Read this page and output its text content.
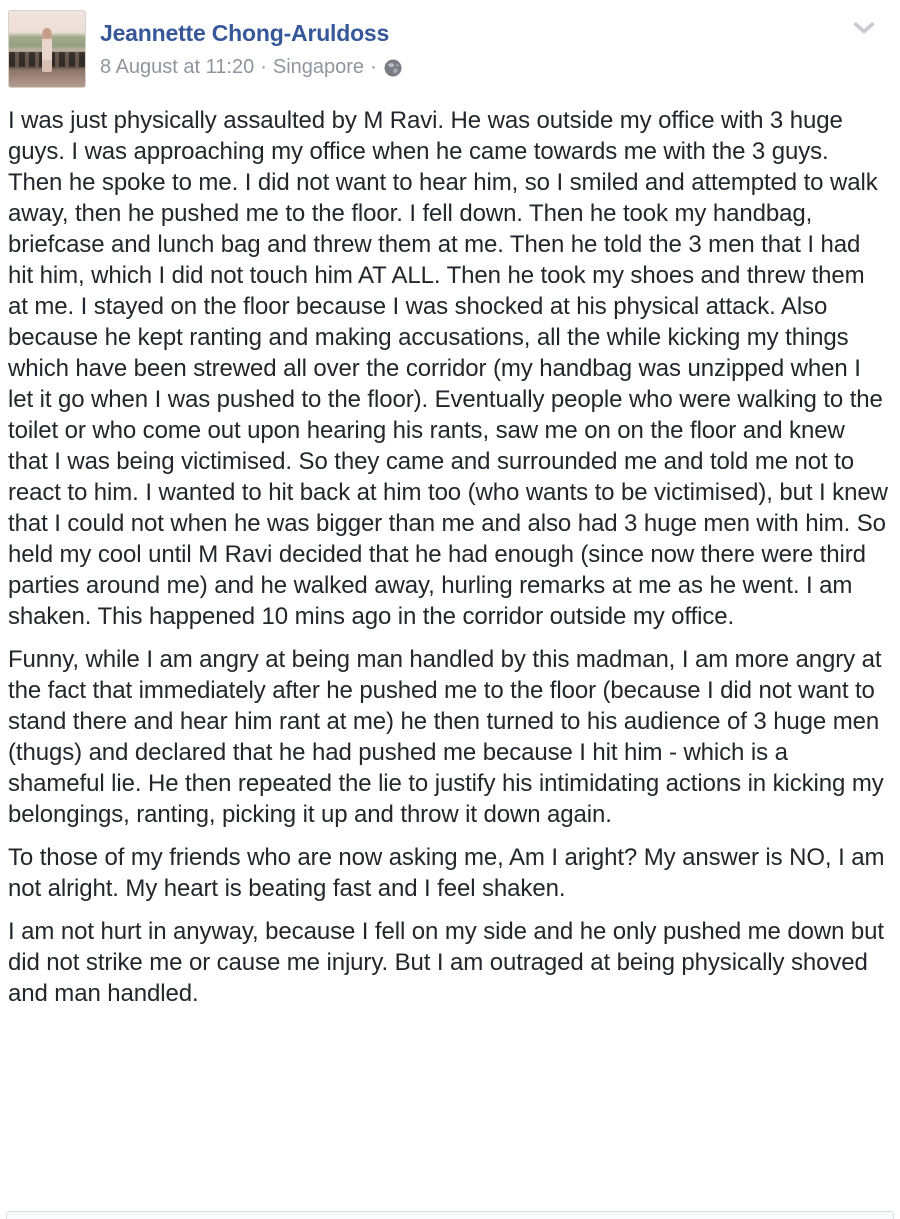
Jeannette Chong-Aruldoss
8 August at 11:20 · Singapore ·

I was just physically assaulted by M Ravi. He was outside my office with 3 huge guys. I was approaching my office when he came towards me with the 3 guys. Then he spoke to me. I did not want to hear him, so I smiled and attempted to walk away, then he pushed me to the floor. I fell down. Then he took my handbag, briefcase and lunch bag and threw them at me. Then he told the 3 men that I had hit him, which I did not touch him AT ALL. Then he took my shoes and threw them at me. I stayed on the floor because I was shocked at his physical attack. Also because he kept ranting and making accusations, all the while kicking my things which have been strewed all over the corridor (my handbag was unzipped when I let it go when I was pushed to the floor). Eventually people who were walking to the toilet or who come out upon hearing his rants, saw me on on the floor and knew that I was being victimised. So they came and surrounded me and told me not to react to him. I wanted to hit back at him too (who wants to be victimised), but I knew that I could not when he was bigger than me and also had 3 huge men with him. So held my cool until M Ravi decided that he had enough (since now there were third parties around me) and he walked away, hurling remarks at me as he went. I am shaken. This happened 10 mins ago in the corridor outside my office.

Funny, while I am angry at being man handled by this madman, I am more angry at the fact that immediately after he pushed me to the floor (because I did not want to stand there and hear him rant at me) he then turned to his audience of 3 huge men (thugs) and declared that he had pushed me because I hit him - which is a shameful lie. He then repeated the lie to justify his intimidating actions in kicking my belongings, ranting, picking it up and throw it down again.

To those of my friends who are now asking me, Am I aright? My answer is NO, I am not alright. My heart is beating fast and I feel shaken.

I am not hurt in anyway, because I fell on my side and he only pushed me down but did not strike me or cause me injury. But I am outraged at being physically shoved and man handled.
